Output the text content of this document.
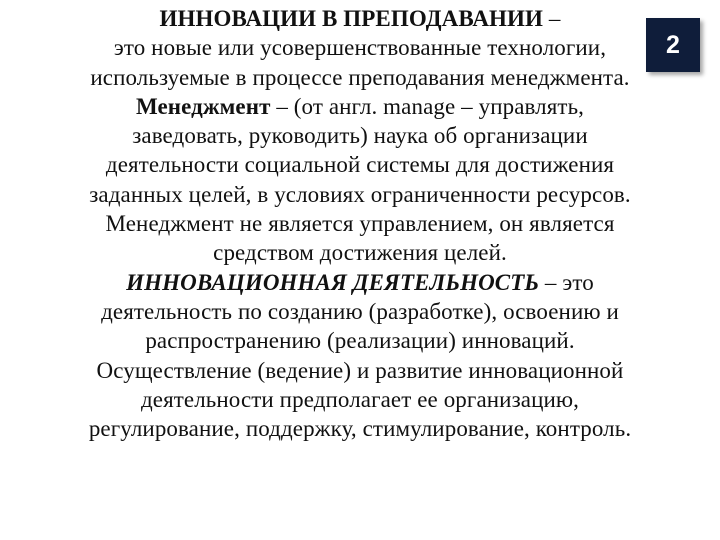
ИННОВАЦИИ В ПРЕПОДАВАНИИ –
это новые или усовершенствованные технологии,
используемые в процессе преподавания менеджмента.
Менеджмент – (от англ. manage – управлять,
заведовать, руководить) наука об организации
деятельности социальной системы для достижения
заданных целей, в условиях ограниченности ресурсов.
Менеджмент не является управлением, он является
средством достижения целей.
ИННОВАЦИОННАЯ ДЕЯТЕЛЬНОСТЬ – это
деятельность по созданию (разработке), освоению и
распространению (реализации) инноваций.
Осуществление (ведение) и развитие инновационной
деятельности предполагает ее организацию,
регулирование, поддержку, стимулирование, контроль.
2
